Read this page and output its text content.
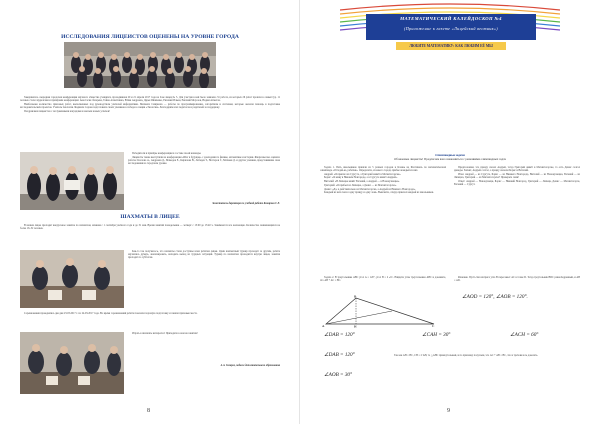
ИССЛЕДОВАНИЯ ЛИЦЕИСТОВ ОЦЕНЕНЫ НА УРОВНЕ ГОРОДА

Завершилась очередная городская конференция научного общества учащихся, проходившая 20 и 21 апреля 2017 года на базе лицея № 5. Для участия в ней было заявлено 31 работа, из которых 26 работ прошли в очный тур. 11 человек стали лауреатами и призёрами конференции: Анастасия Лазарева, Тайна Ахметшина, Юлия Андреева, Дарья Шевченко, Евгений Ильин, Евгений Морозов, Вадим Ахметов.

Наибольшее количество призовых работ, выполненных под руководством учителей информатики. Михаила Смирнова — работы по программированию, алгоритмам и системам, которые оказали помощь в подготовке исследовательских проектов. Учитель биологии Людмила Серова подготовила своих учеников к победе в секции «Экология». Благодарим всех педагогов и родителей за поддержку.

Поздравляем лицеистов с заслуженными наградами и желаем новых успехов!

Победители и призёры конференции в составе своей команды.

Лицеисты также выступили на конференции «Шаг в будущее» с докладами по физике, математике и истории. Жюри высоко оценило работы: Козлова А., Андреева Д., Мамедов Е., Кирилова В., Лебедев Т., Нестеров Г., Матвеев Д. и другие ученики, представившие свои исследования на городском уровне.

Заместитель директора по учебной работе Комарова С.Е.
ШАХМАТЫ В ЛИЦЕЕ

В нашем лицее проходит внеурочное занятие по шахматам, начиная с 1 сентября учебного года и до 31 мая. Время занятий понедельник — четверг с 13:00 до 13:40 ч. Занимаются все желающие. Количество занимающихся не более 16–32 человек.

Как-то так получилось, что шахматы стали доступны всем ребятам лицея. Один шахматный турнир проходит за другим, ребята научились думать, анализировать, находить выход из трудных ситуаций. Турнир по шахматам проводится внутри лицея, занятия проходят по субботам.

Соревнования проводились два дня 23.03.2017 г. по 24.03.2017 года. Во время соревнований ребята показали хорошую подготовку и заняли призовые места.

Играть в шахматы интересно! Приходите к нам на занятия!

А.А. Захаров, педагог дополнительного образования
8
МАТЕМАТИЧЕСКИЙ КАЛЕЙДОСКОП №4
(Приложение к газете «Лицейский вестник»)
ЛЮБИТЕ МАТЕМАТИКУ: КАК ЛЮБИМ ЕЁ МЫ
Олимпиадные задачи
Обожаемые лицеисты! Предлагаем вам ознакомиться с решениями олимпиадных задач

Задача 1. Пять школьников пришли из 5 разных городов в Казань на Фестиваль по математической олимпиаде «Отгадай-ка, ребятки». Определите, из какого города прибыл каждый из них.

Андрей: «Я приехал из Сургута, а Григорий живёт в Магнитогорске».

Борис: «Я живу в Нижнем Новгороде, а в Сургуте живёт Андрей».

Виталий: «В Липецке живёт Евгений, а Андрей — в Новокузнецке».

Григорий: «Я прибыл из Липецка, а Денис — из Магнитогорска».

Денис: «Да, я действительно из Магнитогорска, а Андрей из Нижнего Новгорода».

Каждый из них сказал одну правду и одну ложь. Выясните, откуда приехал каждый из школьников.

Предположим, что правду сказал Андрей, тогда Григорий живёт в Магнитогорске, то есть Денис солгал дважды. Значит, Андрей солгал, а правду сказали Борис и Виталий.

Итак: Андрей — из Сургута, Борис — из Нижнего Новгорода, Виталий — из Новокузнецка, Евгений — из Липецка, Григорий — из Магнитогорска? Проверьте сами!

Ответ: Андрей — Новокузнецк, Борис — Нижний Новгород, Григорий — Липецк, Денис — Магнитогорск, Евгений — Сургут.

Задача 2. В треугольнике ABC угол A = 120°, угол B = 2 ∠C. Найдите углы треугольника ABC и докажите, что AB + AC = BC.

Решение. Пусть биссектриса угла B пересекает AC в точке D. Тогда треугольник BDC равнобедренный, и AB = AD.

∠AOD = 120°, ∠AOB = 120°.
A	C
B
H
∠DAB = 120°	∠CAH = 30°	∠ACH = 60°
∠DAB = 120°
∠AOB = 30°

Так как AH = HC, CH = 2·AH, то △AHC прямоугольный, и по признаку получаем, что AC + AB = BC, что и требовалось доказать.

9
